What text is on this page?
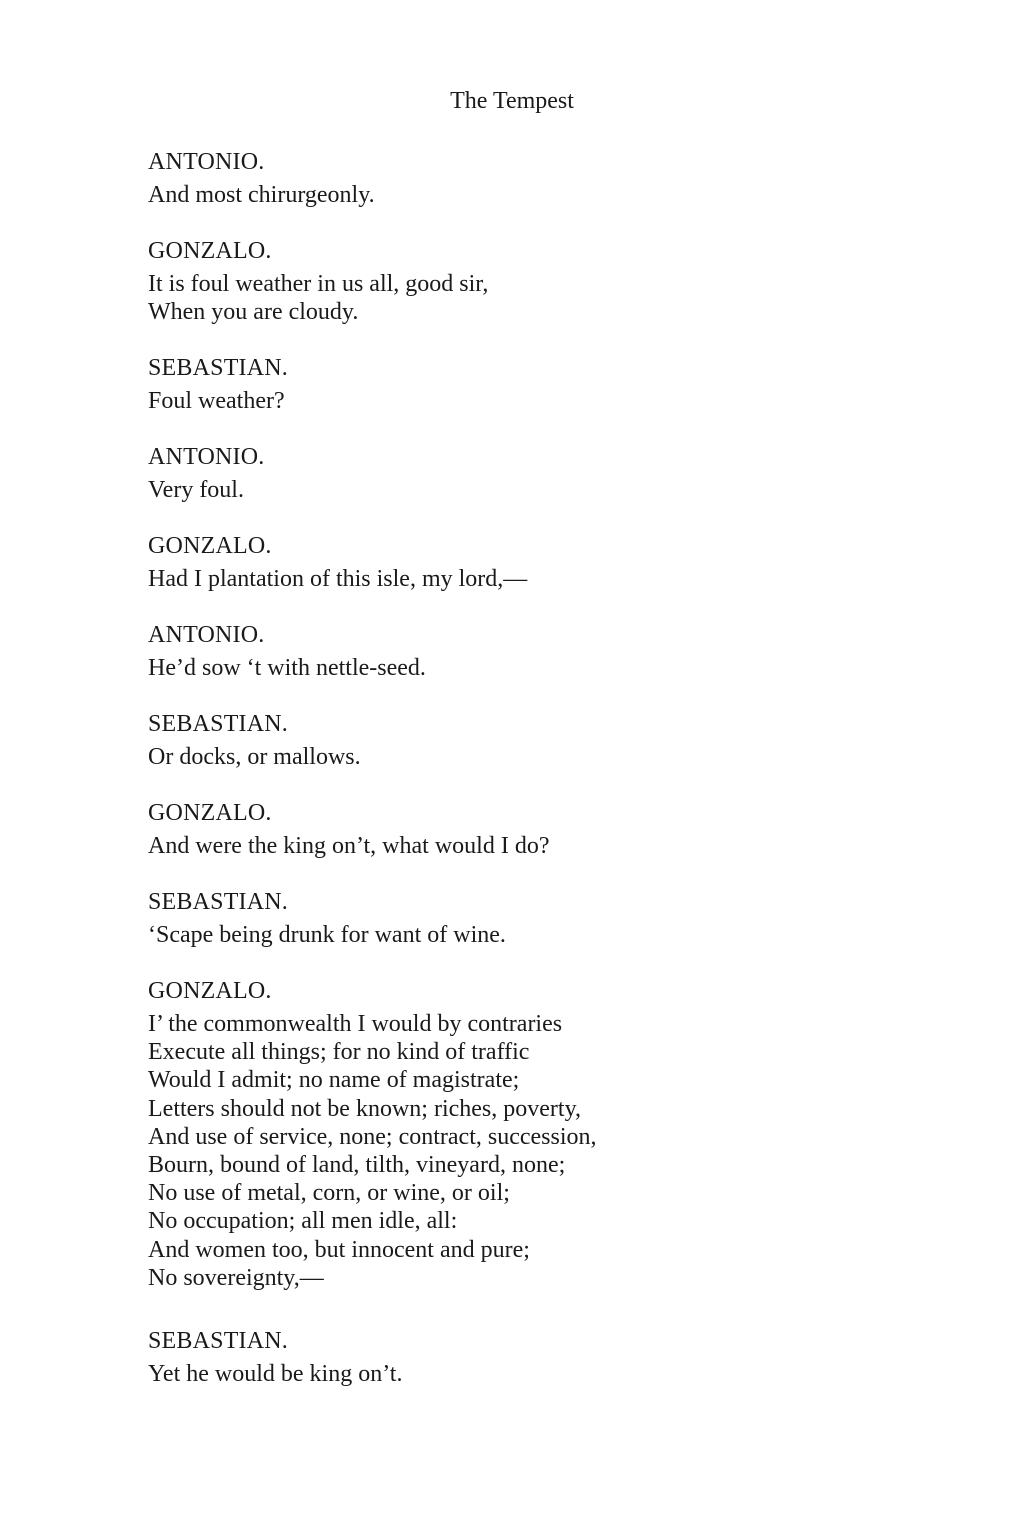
The Tempest
ANTONIO.
And most chirurgeonly.
GONZALO.
It is foul weather in us all, good sir,
When you are cloudy.
SEBASTIAN.
Foul weather?
ANTONIO.
Very foul.
GONZALO.
Had I plantation of this isle, my lord,—
ANTONIO.
He’d sow ‘t with nettle-seed.
SEBASTIAN.
Or docks, or mallows.
GONZALO.
And were the king on’t, what would I do?
SEBASTIAN.
‘Scape being drunk for want of wine.
GONZALO.
I’ the commonwealth I would by contraries
Execute all things; for no kind of traffic
Would I admit; no name of magistrate;
Letters should not be known; riches, poverty,
And use of service, none; contract, succession,
Bourn, bound of land, tilth, vineyard, none;
No use of metal, corn, or wine, or oil;
No occupation; all men idle, all:
And women too, but innocent and pure;
No sovereignty,—
SEBASTIAN.
Yet he would be king on’t.
